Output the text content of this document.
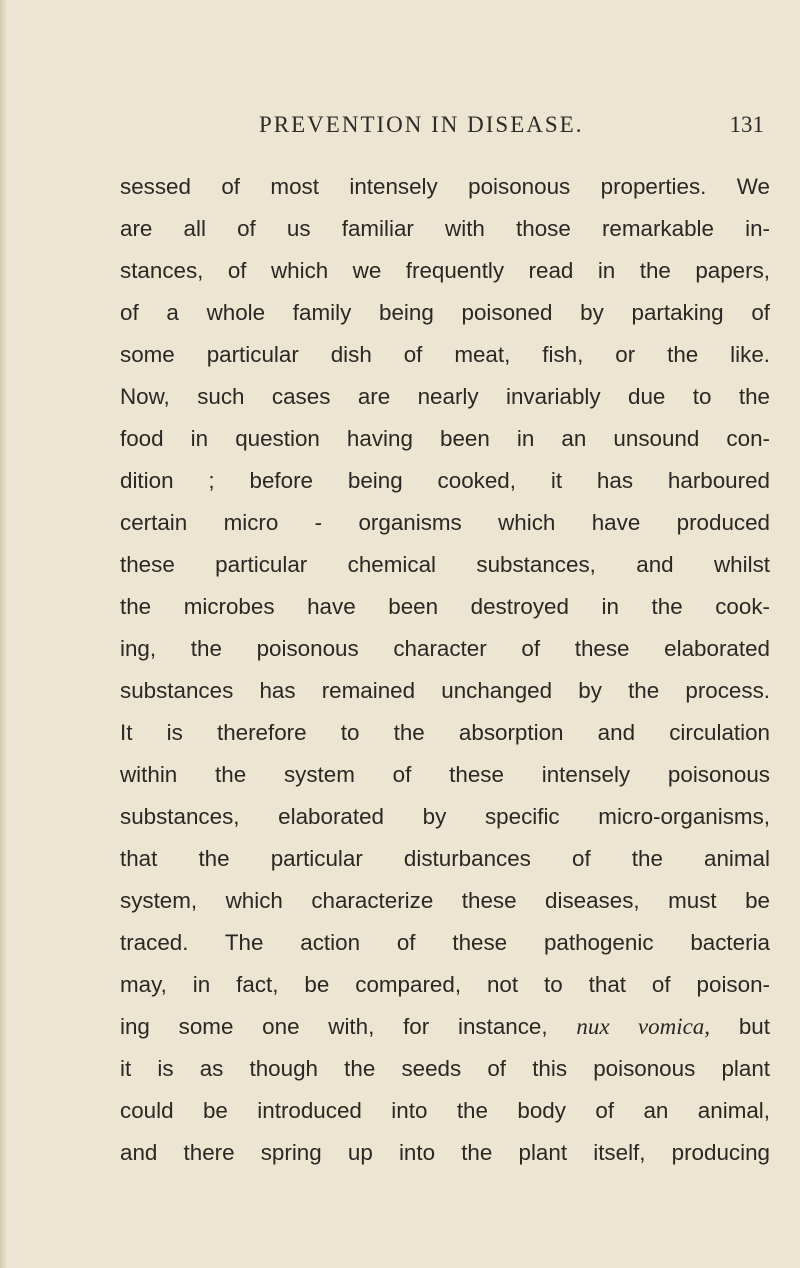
PREVENTION IN DISEASE.	131
sessed of most intensely poisonous properties. We
are all of us familiar with those remarkable in-
stances, of which we frequently read in the papers,
of a whole family being poisoned by partaking of
some particular dish of meat, fish, or the like.
Now, such cases are nearly invariably due to the
food in question having been in an unsound con-
dition ; before being cooked, it has harboured
certain micro - organisms which have produced
these particular chemical substances, and whilst
the microbes have been destroyed in the cook-
ing, the poisonous character of these elaborated
substances has remained unchanged by the process.
It is therefore to the absorption and circulation
within the system of these intensely poisonous
substances, elaborated by specific micro-organisms,
that the particular disturbances of the animal
system, which characterize these diseases, must be
traced. The action of these pathogenic bacteria
may, in fact, be compared, not to that of poison-
ing some one with, for instance, nux vomica, but
it is as though the seeds of this poisonous plant
could be introduced into the body of an animal,
and there spring up into the plant itself, producing
